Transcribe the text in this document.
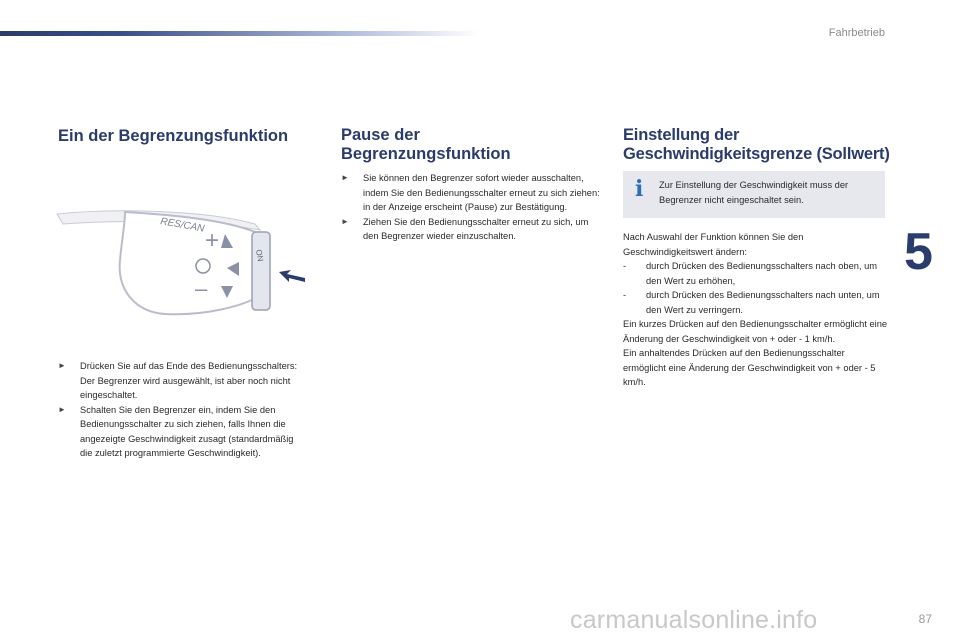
Fahrbetrieb
5
Ein der Begrenzungsfunktion
RES/CAN
+
–
ON
► Drücken Sie auf das Ende des Bedienungsschalters: Der Begrenzer wird ausgewählt, ist aber noch nicht eingeschaltet.
► Schalten Sie den Begrenzer ein, indem Sie den Bedienungsschalter zu sich ziehen, falls Ihnen die angezeigte Geschwindigkeit zusagt (standardmäßig die zuletzt programmierte Geschwindigkeit).
Pause der
Begrenzungsfunktion
► Sie können den Begrenzer sofort wieder ausschalten, indem Sie den Bedienungsschalter erneut zu sich ziehen: in der Anzeige erscheint (Pause) zur Bestätigung.
► Ziehen Sie den Bedienungsschalter erneut zu sich, um den Begrenzer wieder einzuschalten.
Einstellung der
Geschwindigkeitsgrenze (Sollwert)
i Zur Einstellung der Geschwindigkeit muss der Begrenzer nicht eingeschaltet sein.

Nach Auswahl der Funktion können Sie den Geschwindigkeitswert ändern:

- durch Drücken des Bedienungsschalters nach oben, um den Wert zu erhöhen,

- durch Drücken des Bedienungsschalters nach unten, um den Wert zu verringern.

Ein kurzes Drücken auf den Bedienungsschalter ermöglicht eine Änderung der Geschwindigkeit von + oder - 1 km/h.

Ein anhaltendes Drücken auf den Bedienungsschalter ermöglicht eine Änderung der Geschwindigkeit von + oder - 5 km/h.

carmanualsonline.info	87
